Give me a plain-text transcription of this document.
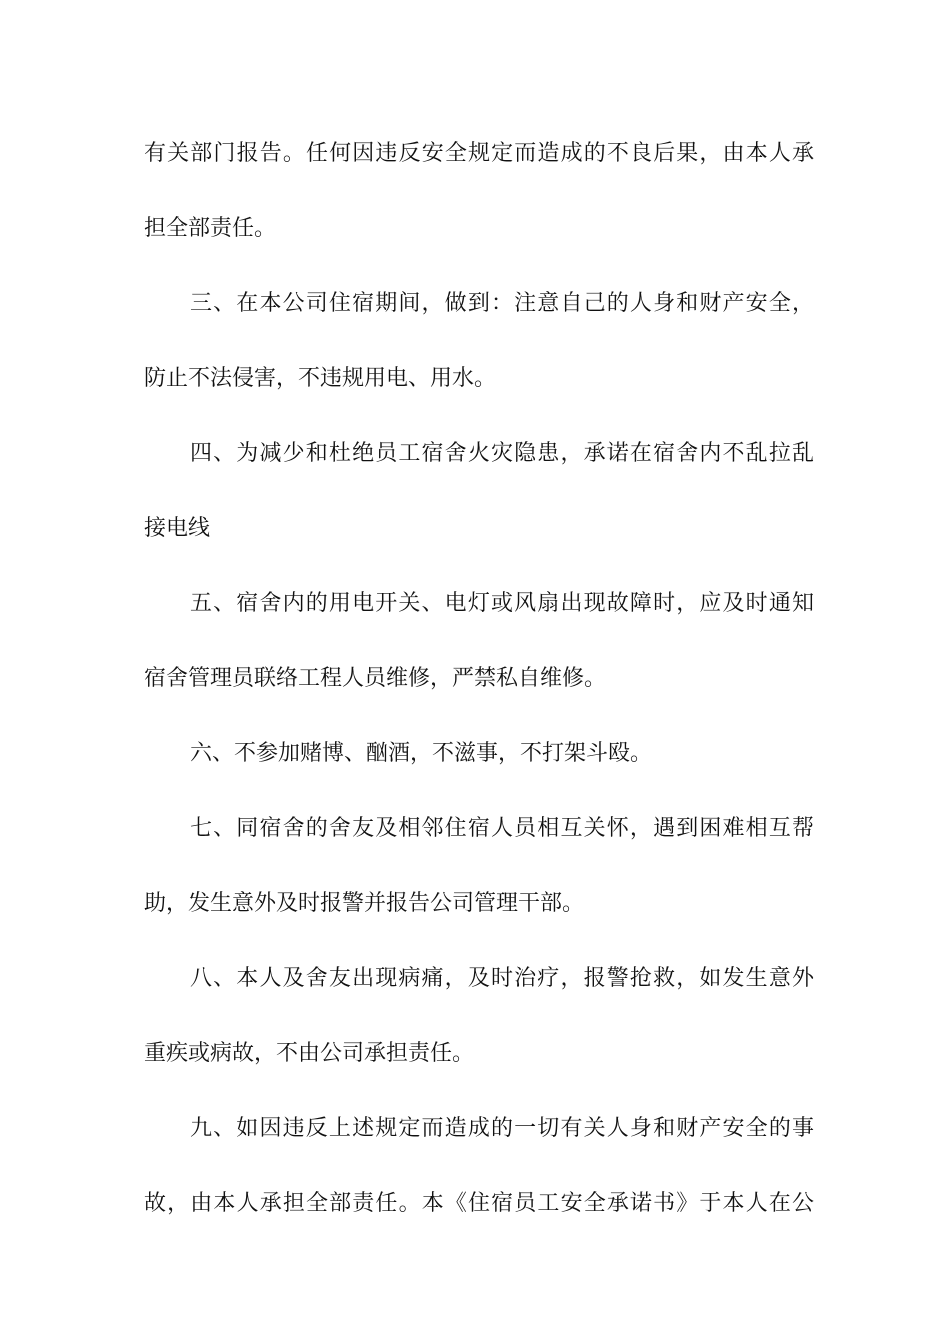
有关部门报告。任何因违反安全规定而造成的不良后果，由本人承
担全部责任。
三、在本公司住宿期间，做到：注意自己的人身和财产安全，
防止不法侵害，不违规用电、用水。
四、为减少和杜绝员工宿舍火灾隐患，承诺在宿舍内不乱拉乱
接电线
五、宿舍内的用电开关、电灯或风扇出现故障时，应及时通知
宿舍管理员联络工程人员维修，严禁私自维修。
六、不参加赌博、酗酒，不滋事，不打架斗殴。
七、同宿舍的舍友及相邻住宿人员相互关怀，遇到困难相互帮
助，发生意外及时报警并报告公司管理干部。
八、本人及舍友出现病痛，及时治疗，报警抢救，如发生意外
重疾或病故，不由公司承担责任。
九、如因违反上述规定而造成的一切有关人身和财产安全的事
故，由本人承担全部责任。本《住宿员工安全承诺书》于本人在公
